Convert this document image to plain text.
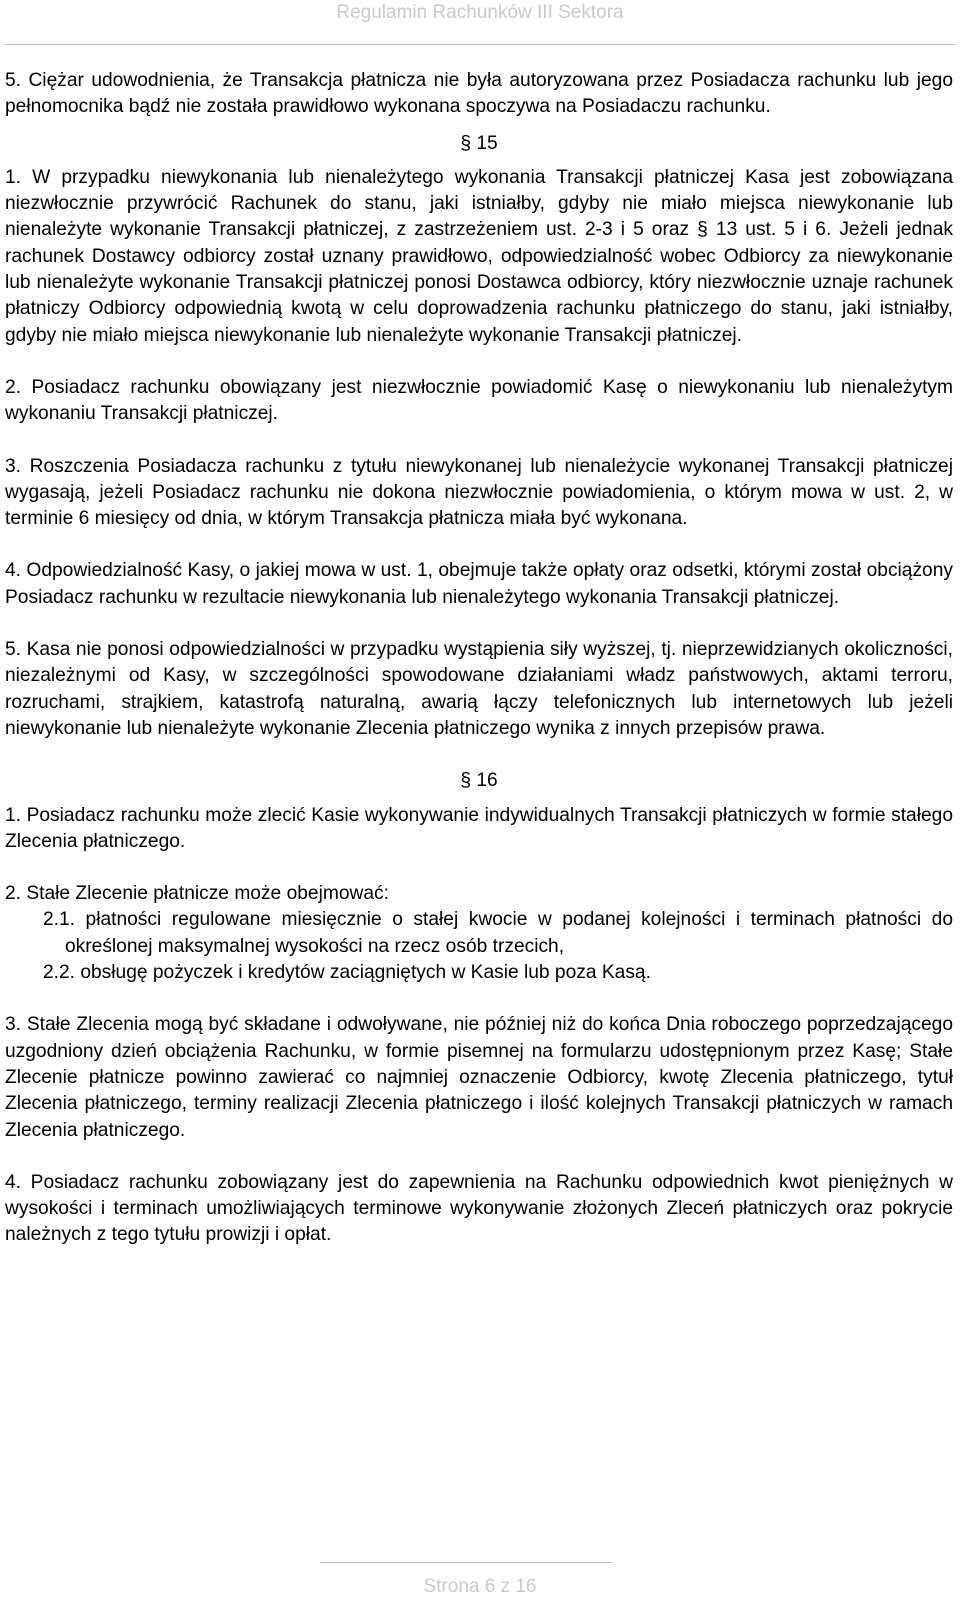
Regulamin Rachunków III Sektora

5. Ciężar udowodnienia, że Transakcja płatnicza nie była autoryzowana przez Posiadacza rachunku lub jego pełnomocnika bądź nie została prawidłowo wykonana spoczywa na Posiadaczu rachunku.

§ 15

1. W przypadku niewykonania lub nienależytego wykonania Transakcji płatniczej Kasa jest zobowiązana niezwłocznie przywrócić Rachunek do stanu, jaki istniałby, gdyby nie miało miejsca niewykonanie lub nienależyte wykonanie Transakcji płatniczej, z zastrzeżeniem ust. 2-3 i 5 oraz § 13 ust. 5 i 6. Jeżeli jednak rachunek Dostawcy odbiorcy został uznany prawidłowo, odpowiedzialność wobec Odbiorcy za niewykonanie lub nienależyte wykonanie Transakcji płatniczej ponosi Dostawca odbiorcy, który niezwłocznie uznaje rachunek płatniczy Odbiorcy odpowiednią kwotą w celu doprowadzenia rachunku płatniczego do stanu, jaki istniałby, gdyby nie miało miejsca niewykonanie lub nienależyte wykonanie Transakcji płatniczej.

2. Posiadacz rachunku obowiązany jest niezwłocznie powiadomić Kasę o niewykonaniu lub nienależytym wykonaniu Transakcji płatniczej.

3. Roszczenia Posiadacza rachunku z tytułu niewykonanej lub nienależycie wykonanej Transakcji płatniczej wygasają, jeżeli Posiadacz rachunku nie dokona niezwłocznie powiadomienia, o którym mowa w ust. 2, w terminie 6 miesięcy od dnia, w którym Transakcja płatnicza miała być wykonana.

4. Odpowiedzialność Kasy, o jakiej mowa w ust. 1, obejmuje także opłaty oraz odsetki, którymi został obciążony Posiadacz rachunku w rezultacie niewykonania lub nienależytego wykonania Transakcji płatniczej.

5. Kasa nie ponosi odpowiedzialności w przypadku wystąpienia siły wyższej, tj. nieprzewidzianych okoliczności, niezależnymi od Kasy, w szczególności spowodowane działaniami władz państwowych, aktami terroru, rozruchami, strajkiem, katastrofą naturalną, awarią łączy telefonicznych lub internetowych lub jeżeli niewykonanie lub nienależyte wykonanie Zlecenia płatniczego wynika z innych przepisów prawa.

§ 16

1. Posiadacz rachunku może zlecić Kasie wykonywanie indywidualnych Transakcji płatniczych w formie stałego Zlecenia płatniczego.

2. Stałe Zlecenie płatnicze może obejmować:

2.1. płatności regulowane miesięcznie o stałej kwocie w podanej kolejności i terminach płatności do określonej maksymalnej wysokości na rzecz osób trzecich,

2.2. obsługę pożyczek i kredytów zaciągniętych w Kasie lub poza Kasą.

3. Stałe Zlecenia mogą być składane i odwoływane, nie później niż do końca Dnia roboczego poprzedzającego uzgodniony dzień obciążenia Rachunku, w formie pisemnej na formularzu udostępnionym przez Kasę; Stałe Zlecenie płatnicze powinno zawierać co najmniej oznaczenie Odbiorcy, kwotę Zlecenia płatniczego, tytuł Zlecenia płatniczego, terminy realizacji Zlecenia płatniczego i ilość kolejnych Transakcji płatniczych w ramach Zlecenia płatniczego.

4. Posiadacz rachunku zobowiązany jest do zapewnienia na Rachunku odpowiednich kwot pieniężnych w wysokości i terminach umożliwiających terminowe wykonywanie złożonych Zleceń płatniczych oraz pokrycie należnych z tego tytułu prowizji i opłat.

Strona 6 z 16
